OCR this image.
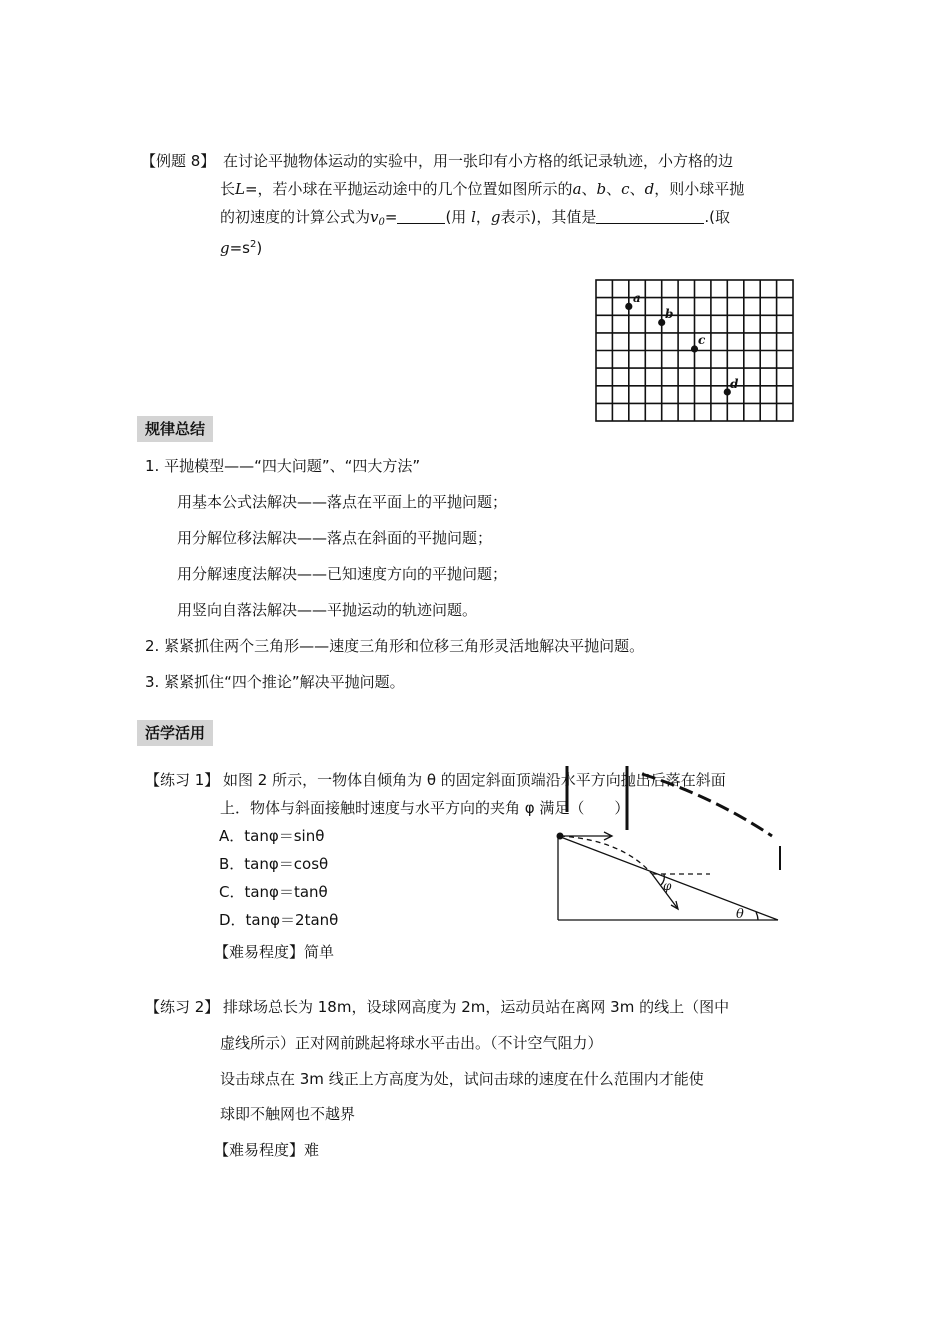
【例题 8】 在讨论平抛物体运动的实验中，用一张印有小方格的纸记录轨迹，小方格的边
长L=，若小球在平抛运动途中的几个位置如图所示的a、b、c、d，则小球平抛
的初速度的计算公式为$v_0=$	(用 l，g表示)，其值是	.(取
$g=s^2$)
a
b
c
d
规律总结
1. 平抛模型——“四大问题”、“四大方法”
用基本公式法解决——落点在平面上的平抛问题；
用分解位移法解决——落点在斜面的平抛问题；
用分解速度法解决——已知速度方向的平抛问题；
用竖向自落法解决——平抛运动的轨迹问题。
2. 紧紧抓住两个三角形——速度三角形和位移三角形灵活地解决平抛问题。
3. 紧紧抓住“四个推论”解决平抛问题。
活学活用
φ
θ
【练习 1】 如图 2 所示，一物体自倾角为 θ 的固定斜面顶端沿水平方向抛出后落在斜面
上．物体与斜面接触时速度与水平方向的夹角 φ 满足（　　）
A．tanφ＝sinθ
B．tanφ＝cosθ
C．tanφ＝tanθ
D．tanφ＝2tanθ
【难易程度】简单
【练习 2】 排球场总长为 18m，设球网高度为 2m，运动员站在离网 3m 的线上（图中
虚线所示）正对网前跳起将球水平击出。（不计空气阻力）
设击球点在 3m 线正上方高度为处，试问击球的速度在什么范围内才能使
球即不触网也不越界
【难易程度】难
